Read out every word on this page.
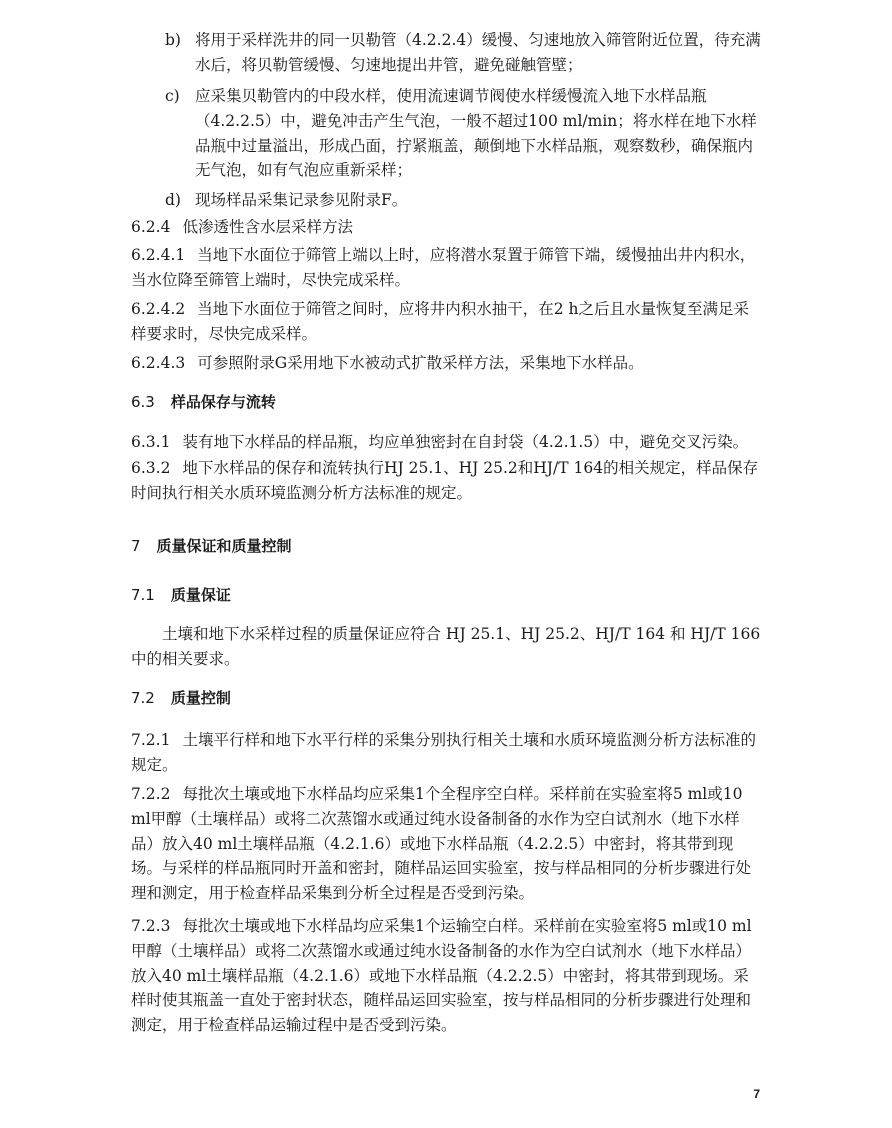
b) 将用于采样洗井的同一贝勒管（4.2.2.4）缓慢、匀速地放入筛管附近位置，待充满水后，将贝勒管缓慢、匀速地提出井管，避免碰触管壁；
c) 应采集贝勒管内的中段水样，使用流速调节阀使水样缓慢流入地下水样品瓶（4.2.2.5）中，避免冲击产生气泡，一般不超过100 ml/min；将水样在地下水样品瓶中过量溢出，形成凸面，拧紧瓶盖，颠倒地下水样品瓶，观察数秒，确保瓶内无气泡，如有气泡应重新采样；
d) 现场样品采集记录参见附录F。
6.2.4 低渗透性含水层采样方法
6.2.4.1 当地下水面位于筛管上端以上时，应将潜水泵置于筛管下端，缓慢抽出井内积水，当水位降至筛管上端时，尽快完成采样。
6.2.4.2 当地下水面位于筛管之间时，应将井内积水抽干，在2 h之后且水量恢复至满足采样要求时，尽快完成采样。
6.2.4.3 可参照附录G采用地下水被动式扩散采样方法，采集地下水样品。
6.3 样品保存与流转
6.3.1 装有地下水样品的样品瓶，均应单独密封在自封袋（4.2.1.5）中，避免交叉污染。
6.3.2 地下水样品的保存和流转执行HJ 25.1、HJ 25.2和HJ/T 164的相关规定，样品保存时间执行相关水质环境监测分析方法标准的规定。
7 质量保证和质量控制
7.1 质量保证
土壤和地下水采样过程的质量保证应符合 HJ 25.1、HJ 25.2、HJ/T 164 和 HJ/T 166 中的相关要求。
7.2 质量控制
7.2.1 土壤平行样和地下水平行样的采集分别执行相关土壤和水质环境监测分析方法标准的规定。
7.2.2 每批次土壤或地下水样品均应采集1个全程序空白样。采样前在实验室将5 ml或10 ml甲醇（土壤样品）或将二次蒸馏水或通过纯水设备制备的水作为空白试剂水（地下水样品）放入40 ml土壤样品瓶（4.2.1.6）或地下水样品瓶（4.2.2.5）中密封，将其带到现场。与采样的样品瓶同时开盖和密封，随样品运回实验室，按与样品相同的分析步骤进行处理和测定，用于检查样品采集到分析全过程是否受到污染。
7.2.3 每批次土壤或地下水样品均应采集1个运输空白样。采样前在实验室将5 ml或10 ml甲醇（土壤样品）或将二次蒸馏水或通过纯水设备制备的水作为空白试剂水（地下水样品）放入40 ml土壤样品瓶（4.2.1.6）或地下水样品瓶（4.2.2.5）中密封，将其带到现场。采样时使其瓶盖一直处于密封状态，随样品运回实验室，按与样品相同的分析步骤进行处理和测定，用于检查样品运输过程中是否受到污染。
7
